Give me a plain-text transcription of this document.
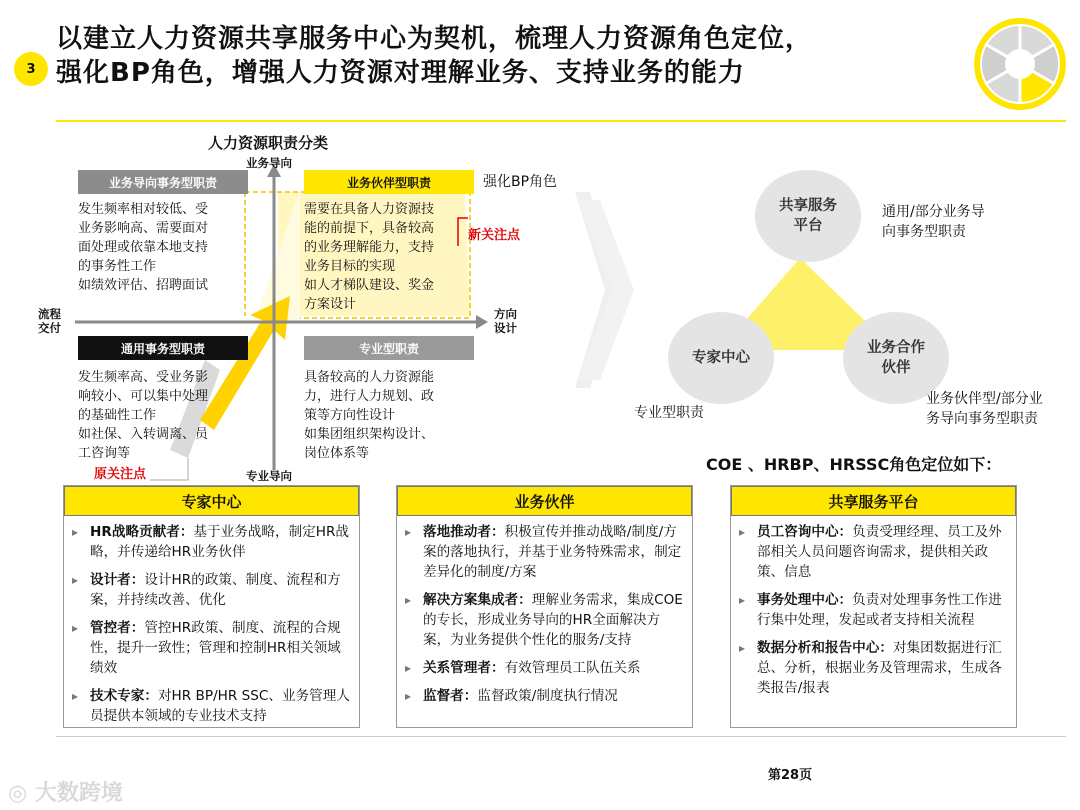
3
以建立人力资源共享服务中心为契机，梳理人力资源角色定位，
强化BP角色，增强人力资源对理解业务、支持业务的能力
人力资源职责分类
业务导向
专业导向
流程
交付
方向
设计
业务导向事务型职责
发生频率相对较低、受
业务影响高、需要面对
面处理或依靠本地支持
的事务性工作
如绩效评估、招聘面试
业务伙伴型职责	强化BP角色
需要在具备人力资源技
能的前提下，具备较高
的业务理解能力，支持
业务目标的实现
如人才梯队建设、奖金
方案设计
新关注点
通用事务型职责
发生频率高、受业务影
响较小、可以集中处理
的基础性工作
如社保、入转调离、员
工咨询等
原关注点
专业型职责
具备较高的人力资源能
力，进行人力规划、政
策等方向性设计
如集团组织架构设计、
岗位体系等
共享服务
平台
专家中心
业务合作
伙伴
通用/部分业务导
向事务型职责
专业型职责
业务伙伴型/部分业
务导向事务型职责
COE 、HRBP、HRSSC角色定位如下：
专家中心
▸ HR战略贡献者：基于业务战略，制定HR战略，并传递给HR业务伙伴
▸ 设计者：设计HR的政策、制度、流程和方案，并持续改善、优化
▸ 管控者：管控HR政策、制度、流程的合规性，提升一致性；管理和控制HR相关领域绩效
▸ 技术专家：对HR BP/HR SSC、业务管理人员提供本领域的专业技术支持
业务伙伴
▸ 落地推动者：积极宣传并推动战略/制度/方案的落地执行，并基于业务特殊需求，制定差异化的制度/方案
▸ 解决方案集成者：理解业务需求，集成COE的专长，形成业务导向的HR全面解决方案，为业务提供个性化的服务/支持
▸ 关系管理者：有效管理员工队伍关系
▸ 监督者：监督政策/制度执行情况
共享服务平台
▸ 员工咨询中心：负责受理经理、员工及外部相关人员问题咨询需求，提供相关政策、信息
▸ 事务处理中心：负责对处理事务性工作进行集中处理，发起或者支持相关流程
▸ 数据分析和报告中心：对集团数据进行汇总、分析，根据业务及管理需求，生成各类报告/报表
第28页
◎ 大数跨境
